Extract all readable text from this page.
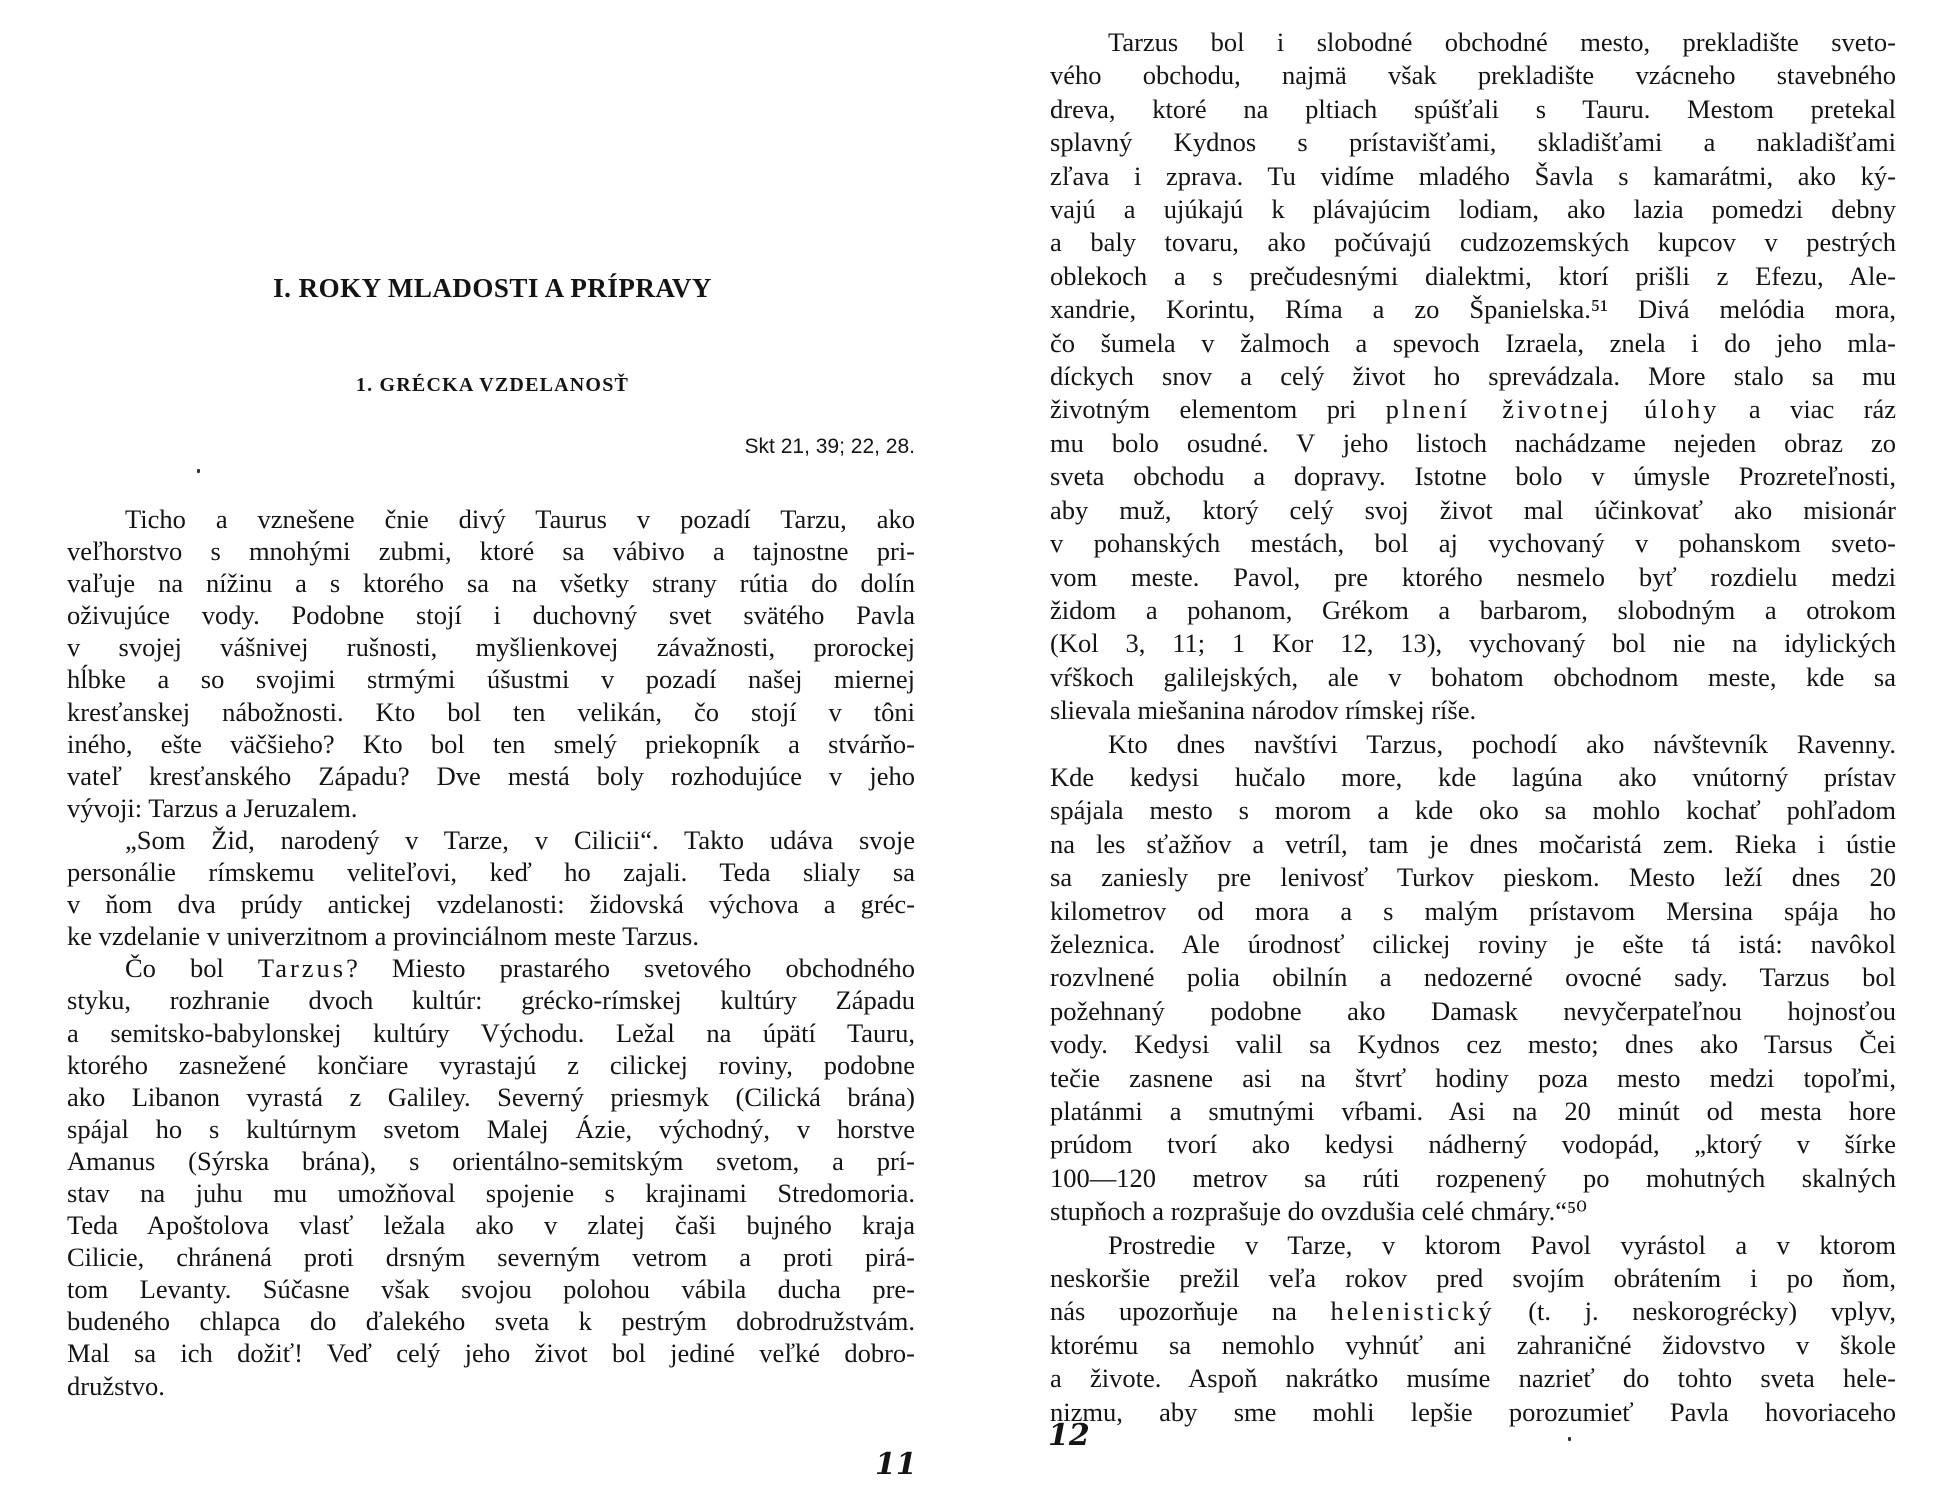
I. ROKY MLADOSTI A PRÍPRAVY
1. GRÉCKA VZDELANOSŤ
Skt 21, 39; 22, 28.
Ticho a vznešene čnie divý Taurus v pozadí Tarzu, ako
veľhorstvo s mnohými zubmi, ktoré sa vábivo a tajnostne pri-
vaľuje na nížinu a s ktorého sa na všetky strany rútia do dolín
oživujúce vody. Podobne stojí i duchovný svet svätého Pavla
v svojej vášnivej rušnosti, myšlienkovej závažnosti, prorockej
hĺbke a so svojimi strmými úšustmi v pozadí našej miernej
kresťanskej nábožnosti. Kto bol ten velikán, čo stojí v tôni
iného, ešte väčšieho? Kto bol ten smelý priekopník a stvárňo-
vateľ kresťanského Západu? Dve mestá boly rozhodujúce v jeho
vývoji: Tarzus a Jeruzalem.
„Som Žid, narodený v Tarze, v Cilicii“. Takto udáva svoje
personálie rímskemu veliteľovi, keď ho zajali. Teda slialy sa
v ňom dva prúdy antickej vzdelanosti: židovská výchova a gréc-
ke vzdelanie v univerzitnom a provinciálnom meste Tarzus.
Čo bol Tarzus? Miesto prastarého svetového obchodného
styku, rozhranie dvoch kultúr: grécko-rímskej kultúry Západu
a semitsko-babylonskej kultúry Východu. Ležal na úpätí Tauru,
ktorého zasnežené končiare vyrastajú z cilickej roviny, podobne
ako Libanon vyrastá z Galiley. Severný priesmyk (Cilická brána)
spájal ho s kultúrnym svetom Malej Ázie, východný, v horstve
Amanus (Sýrska brána), s orientálno-semitským svetom, a prí-
stav na juhu mu umožňoval spojenie s krajinami Stredomoria.
Teda Apoštolova vlasť ležala ako v zlatej čaši bujného kraja
Cilicie, chránená proti drsným severným vetrom a proti pirá-
tom Levanty. Súčasne však svojou polohou vábila ducha pre-
budeného chlapca do ďalekého sveta k pestrým dobrodružstvám.
Mal sa ich dožiť! Veď celý jeho život bol jediné veľké dobro-
družstvo.
11
Tarzus bol i slobodné obchodné mesto, prekladište sveto-
vého obchodu, najmä však prekladište vzácneho stavebného
dreva, ktoré na pltiach spúšťali s Tauru. Mestom pretekal
splavný Kydnos s prístavišťami, skladišťami a nakladišťami
zľava i zprava. Tu vidíme mladého Šavla s kamarátmi, ako ký-
vajú a ujúkajú k plávajúcim lodiam, ako lazia pomedzi debny
a baly tovaru, ako počúvajú cudzozemských kupcov v pestrých
oblekoch a s prečudesnými dialektmi, ktorí prišli z Efezu, Ale-
xandrie, Korintu, Ríma a zo Španielska.⁵¹ Divá melódia mora,
čo šumela v žalmoch a spevoch Izraela, znela i do jeho mla-
díckych snov a celý život ho sprevádzala. More stalo sa mu
životným elementom pri plnení životnej úlohy a viac ráz
mu bolo osudné. V jeho listoch nachádzame nejeden obraz zo
sveta obchodu a dopravy. Istotne bolo v úmysle Prozreteľnosti,
aby muž, ktorý celý svoj život mal účinkovať ako misionár
v pohanských mestách, bol aj vychovaný v pohanskom sveto-
vom meste. Pavol, pre ktorého nesmelo byť rozdielu medzi
židom a pohanom, Grékom a barbarom, slobodným a otrokom
(Kol 3, 11; 1 Kor 12, 13), vychovaný bol nie na idylických
vŕškoch galilejských, ale v bohatom obchodnom meste, kde sa
slievala miešanina národov rímskej ríše.
Kto dnes navštívi Tarzus, pochodí ako návštevník Ravenny.
Kde kedysi hučalo more, kde lagúna ako vnútorný prístav
spájala mesto s morom a kde oko sa mohlo kochať pohľadom
na les sťažňov a vetríl, tam je dnes močaristá zem. Rieka i ústie
sa zaniesly pre lenivosť Turkov pieskom. Mesto leží dnes 20
kilometrov od mora a s malým prístavom Mersina spája ho
železnica. Ale úrodnosť cilickej roviny je ešte tá istá: navôkol
rozvlnené polia obilnín a nedozerné ovocné sady. Tarzus bol
požehnaný podobne ako Damask nevyčerpateľnou hojnosťou
vody. Kedysi valil sa Kydnos cez mesto; dnes ako Tarsus Čei
tečie zasnene asi na štvrť hodiny poza mesto medzi topoľmi,
platánmi a smutnými vŕbami. Asi na 20 minút od mesta hore
prúdom tvorí ako kedysi nádherný vodopád, „ktorý v šírke
100—120 metrov sa rúti rozpenený po mohutných skalných
stupňoch a rozprašuje do ovzdušia celé chmáry.“⁵⁰
Prostredie v Tarze, v ktorom Pavol vyrástol a v ktorom
neskoršie prežil veľa rokov pred svojím obrátením i po ňom,
nás upozorňuje na helenistický (t. j. neskorogrécky) vplyv,
ktorému sa nemohlo vyhnúť ani zahraničné židovstvo v škole
a živote. Aspoň nakrátko musíme nazrieť do tohto sveta hele-
nizmu, aby sme mohli lepšie porozumieť Pavla hovoriaceho
12
